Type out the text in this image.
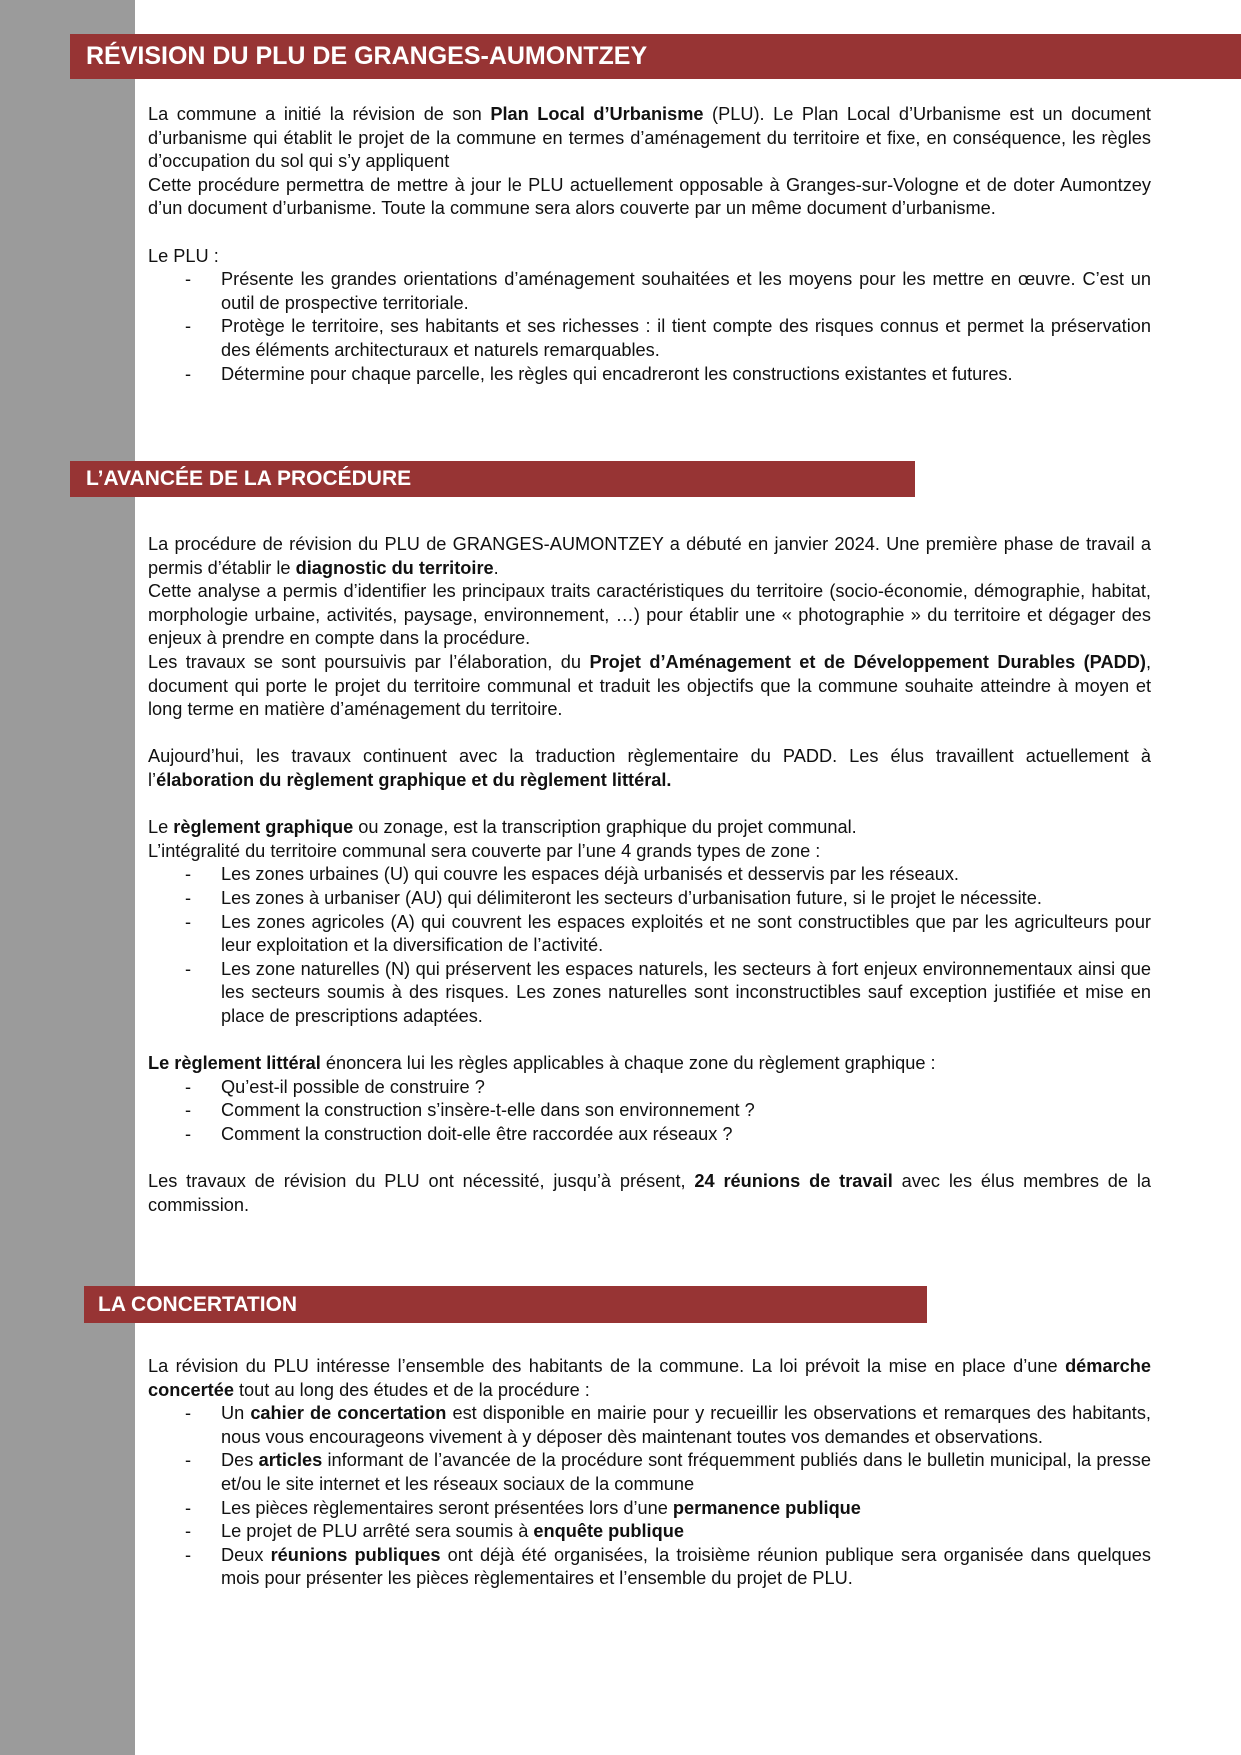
RÉVISION DU PLU DE GRANGES-AUMONTZEY

La commune a initié la révision de son Plan Local d’Urbanisme (PLU). Le Plan Local d’Urbanisme est un document d’urbanisme qui établit le projet de la commune en termes d’aménagement du territoire et fixe, en conséquence, les règles d’occupation du sol qui s’y appliquent

Cette procédure permettra de mettre à jour le PLU actuellement opposable à Granges-sur-Vologne et de doter Aumontzey d’un document d’urbanisme. Toute la commune sera alors couverte par un même document d’urbanisme.

Le PLU :

- Présente les grandes orientations d’aménagement souhaitées et les moyens pour les mettre en œuvre. C’est un outil de prospective territoriale.
- Protège le territoire, ses habitants et ses richesses : il tient compte des risques connus et permet la préservation des éléments architecturaux et naturels remarquables.
- Détermine pour chaque parcelle, les règles qui encadreront les constructions existantes et futures.
L’AVANCÉE DE LA PROCÉDURE

La procédure de révision du PLU de GRANGES-AUMONTZEY a débuté en janvier 2024. Une première phase de travail a permis d’établir le diagnostic du territoire.

Cette analyse a permis d’identifier les principaux traits caractéristiques du territoire (socio-économie, démographie, habitat, morphologie urbaine, activités, paysage, environnement, …) pour établir une « photographie » du territoire et dégager des enjeux à prendre en compte dans la procédure.

Les travaux se sont poursuivis par l’élaboration, du Projet d’Aménagement et de Développement Durables (PADD), document qui porte le projet du territoire communal et traduit les objectifs que la commune souhaite atteindre à moyen et long terme en matière d’aménagement du territoire.

Aujourd’hui, les travaux continuent avec la traduction règlementaire du PADD. Les élus travaillent actuellement à l’élaboration du règlement graphique et du règlement littéral.

Le règlement graphique ou zonage, est la transcription graphique du projet communal.

L’intégralité du territoire communal sera couverte par l’une 4 grands types de zone :

- Les zones urbaines (U) qui couvre les espaces déjà urbanisés et desservis par les réseaux.
- Les zones à urbaniser (AU) qui délimiteront les secteurs d’urbanisation future, si le projet le nécessite.
- Les zones agricoles (A) qui couvrent les espaces exploités et ne sont constructibles que par les agriculteurs pour leur exploitation et la diversification de l’activité.
- Les zone naturelles (N) qui préservent les espaces naturels, les secteurs à fort enjeux environnementaux ainsi que les secteurs soumis à des risques. Les zones naturelles sont inconstructibles sauf exception justifiée et mise en place de prescriptions adaptées.

Le règlement littéral énoncera lui les règles applicables à chaque zone du règlement graphique :

- Qu’est-il possible de construire ?
- Comment la construction s’insère-t-elle dans son environnement ?
- Comment la construction doit-elle être raccordée aux réseaux ?

Les travaux de révision du PLU ont nécessité, jusqu’à présent, 24 réunions de travail avec les élus membres de la commission.

LA CONCERTATION

La révision du PLU intéresse l’ensemble des habitants de la commune. La loi prévoit la mise en place d’une démarche concertée tout au long des études et de la procédure :

- Un cahier de concertation est disponible en mairie pour y recueillir les observations et remarques des habitants, nous vous encourageons vivement à y déposer dès maintenant toutes vos demandes et observations.
- Des articles informant de l’avancée de la procédure sont fréquemment publiés dans le bulletin municipal, la presse et/ou le site internet et les réseaux sociaux de la commune
- Les pièces règlementaires seront présentées lors d’une permanence publique
- Le projet de PLU arrêté sera soumis à enquête publique
- Deux réunions publiques ont déjà été organisées, la troisième réunion publique sera organisée dans quelques mois pour présenter les pièces règlementaires et l’ensemble du projet de PLU.
